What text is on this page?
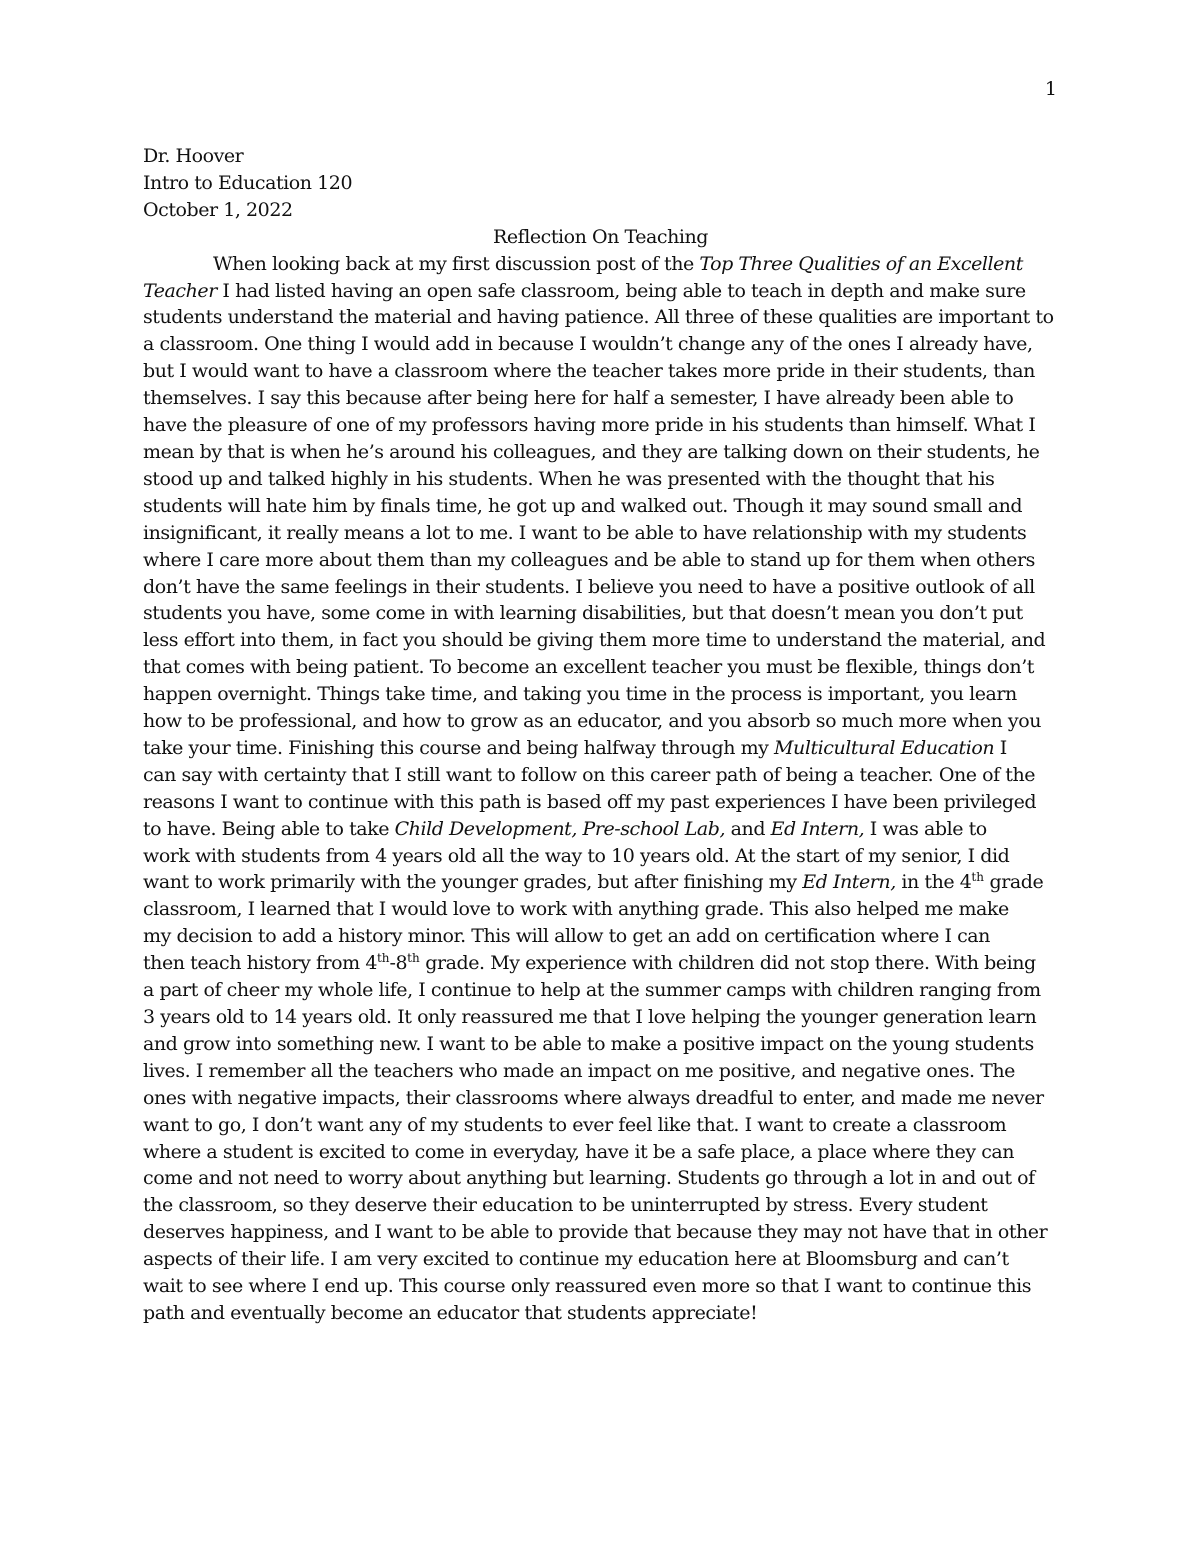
1

Dr. Hoover

Intro to Education 120

October 1, 2022

Reflection On Teaching

When looking back at my first discussion post of the Top Three Qualities of an Excellent
Teacher I had listed having an open safe classroom, being able to teach in depth and make sure
students understand the material and having patience. All three of these qualities are important to
a classroom. One thing I would add in because I wouldn’t change any of the ones I already have,
but I would want to have a classroom where the teacher takes more pride in their students, than
themselves. I say this because after being here for half a semester, I have already been able to
have the pleasure of one of my professors having more pride in his students than himself. What I
mean by that is when he’s around his colleagues, and they are talking down on their students, he
stood up and talked highly in his students. When he was presented with the thought that his
students will hate him by finals time, he got up and walked out. Though it may sound small and
insignificant, it really means a lot to me. I want to be able to have relationship with my students
where I care more about them than my colleagues and be able to stand up for them when others
don’t have the same feelings in their students. I believe you need to have a positive outlook of all
students you have, some come in with learning disabilities, but that doesn’t mean you don’t put
less effort into them, in fact you should be giving them more time to understand the material, and
that comes with being patient. To become an excellent teacher you must be flexible, things don’t
happen overnight. Things take time, and taking you time in the process is important, you learn
how to be professional, and how to grow as an educator, and you absorb so much more when you
take your time. Finishing this course and being halfway through my Multicultural Education I
can say with certainty that I still want to follow on this career path of being a teacher. One of the
reasons I want to continue with this path is based off my past experiences I have been privileged
to have. Being able to take Child Development, Pre-school Lab, and Ed Intern, I was able to
work with students from 4 years old all the way to 10 years old. At the start of my senior, I did
want to work primarily with the younger grades, but after finishing my Ed Intern, in the 4th grade
classroom, I learned that I would love to work with anything grade. This also helped me make
my decision to add a history minor. This will allow to get an add on certification where I can
then teach history from 4th-8th grade. My experience with children did not stop there. With being
a part of cheer my whole life, I continue to help at the summer camps with children ranging from
3 years old to 14 years old. It only reassured me that I love helping the younger generation learn
and grow into something new. I want to be able to make a positive impact on the young students
lives. I remember all the teachers who made an impact on me positive, and negative ones. The
ones with negative impacts, their classrooms where always dreadful to enter, and made me never
want to go, I don’t want any of my students to ever feel like that. I want to create a classroom
where a student is excited to come in everyday, have it be a safe place, a place where they can
come and not need to worry about anything but learning. Students go through a lot in and out of
the classroom, so they deserve their education to be uninterrupted by stress. Every student
deserves happiness, and I want to be able to provide that because they may not have that in other
aspects of their life. I am very excited to continue my education here at Bloomsburg and can’t
wait to see where I end up. This course only reassured even more so that I want to continue this
path and eventually become an educator that students appreciate!
